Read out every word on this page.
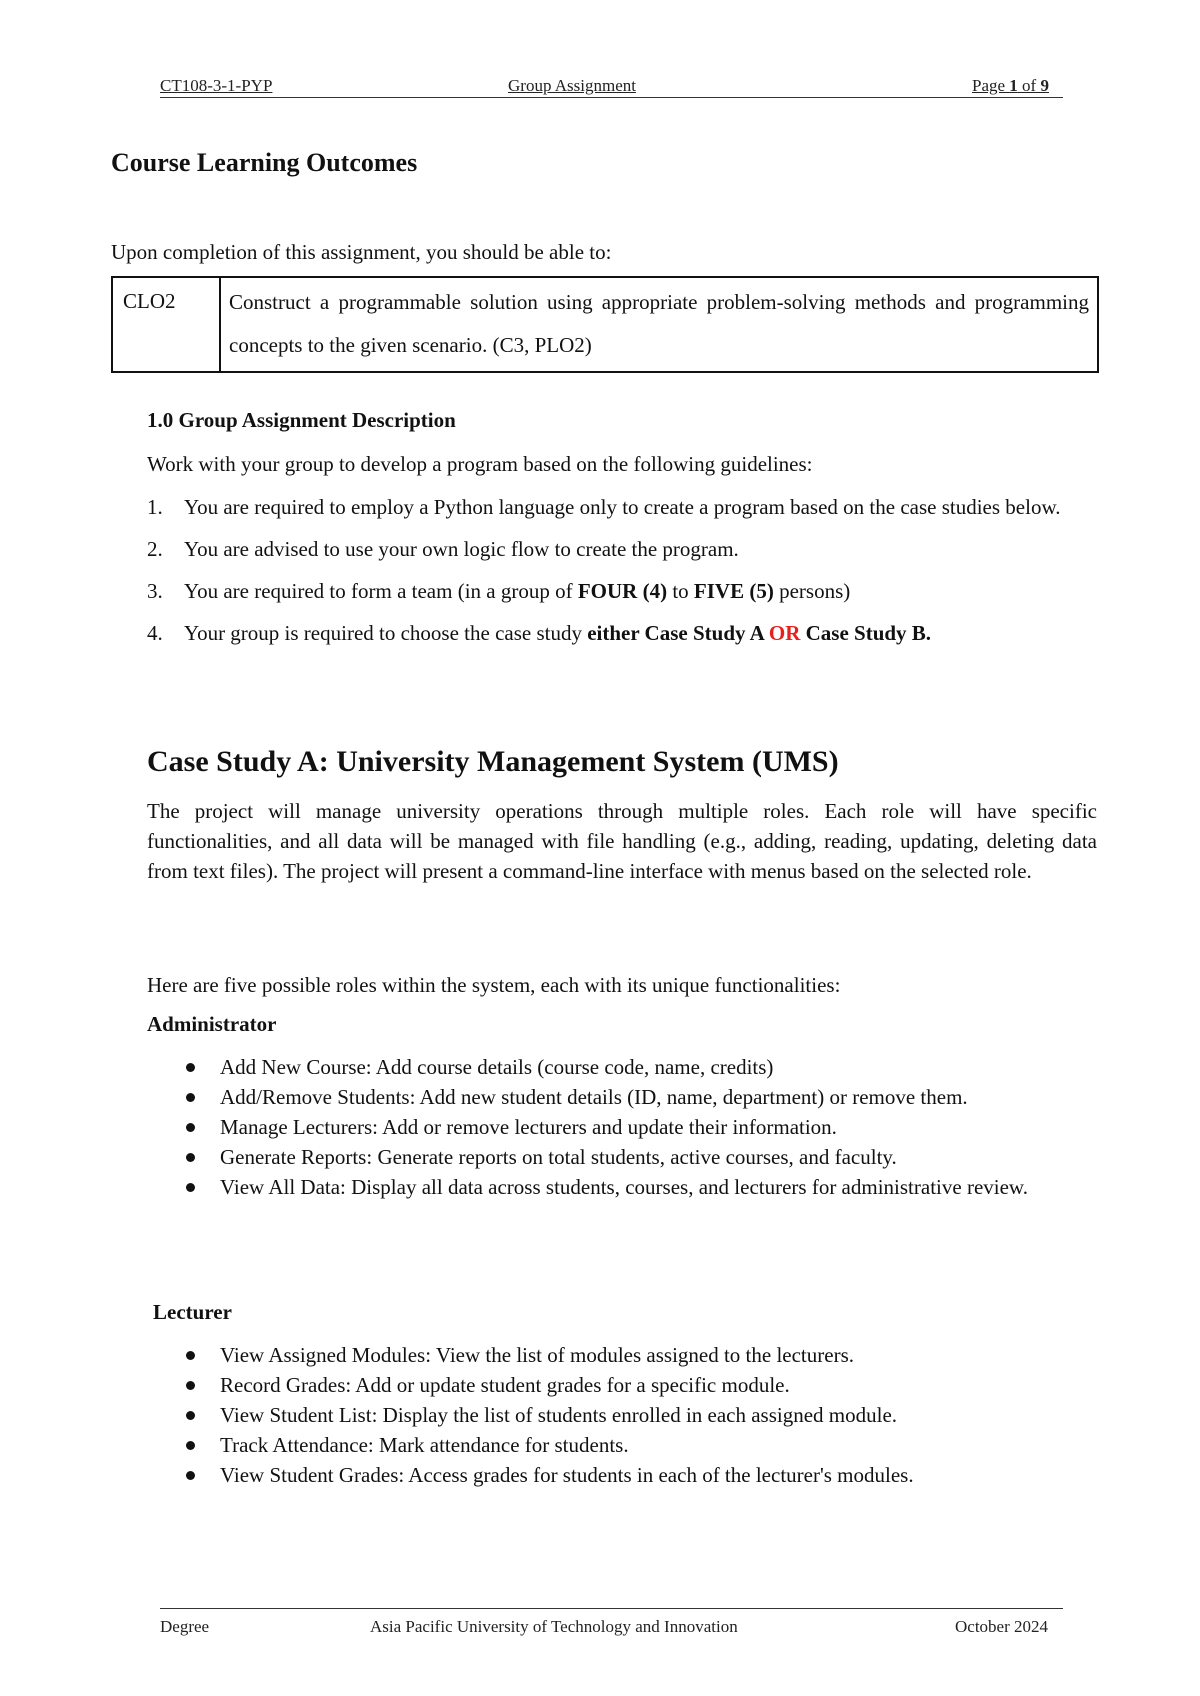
CT108-3-1-PYP	Group Assignment	Page 1 of 9
Course Learning Outcomes
Upon completion of this assignment, you should be able to:
CLO2	Construct a programmable solution using appropriate problem-solving methods and programming concepts to the given scenario. (C3, PLO2)
1.0 Group Assignment Description
Work with your group to develop a program based on the following guidelines:
1. You are required to employ a Python language only to create a program based on the case studies below.
2. You are advised to use your own logic flow to create the program.
3. You are required to form a team (in a group of FOUR (4) to FIVE (5) persons)
4. Your group is required to choose the case study either Case Study A OR Case Study B.
Case Study A: University Management System (UMS)
The project will manage university operations through multiple roles. Each role will have specific functionalities, and all data will be managed with file handling (e.g., adding, reading, updating, deleting data from text files). The project will present a command-line interface with menus based on the selected role.
Here are five possible roles within the system, each with its unique functionalities:
Administrator
Add New Course: Add course details (course code, name, credits)
Add/Remove Students: Add new student details (ID, name, department) or remove them.
Manage Lecturers: Add or remove lecturers and update their information.
Generate Reports: Generate reports on total students, active courses, and faculty.
View All Data: Display all data across students, courses, and lecturers for administrative review.
Lecturer
View Assigned Modules: View the list of modules assigned to the lecturers.
Record Grades: Add or update student grades for a specific module.
View Student List: Display the list of students enrolled in each assigned module.
Track Attendance: Mark attendance for students.
View Student Grades: Access grades for students in each of the lecturer's modules.
Degree	Asia Pacific University of Technology and Innovation	October 2024
